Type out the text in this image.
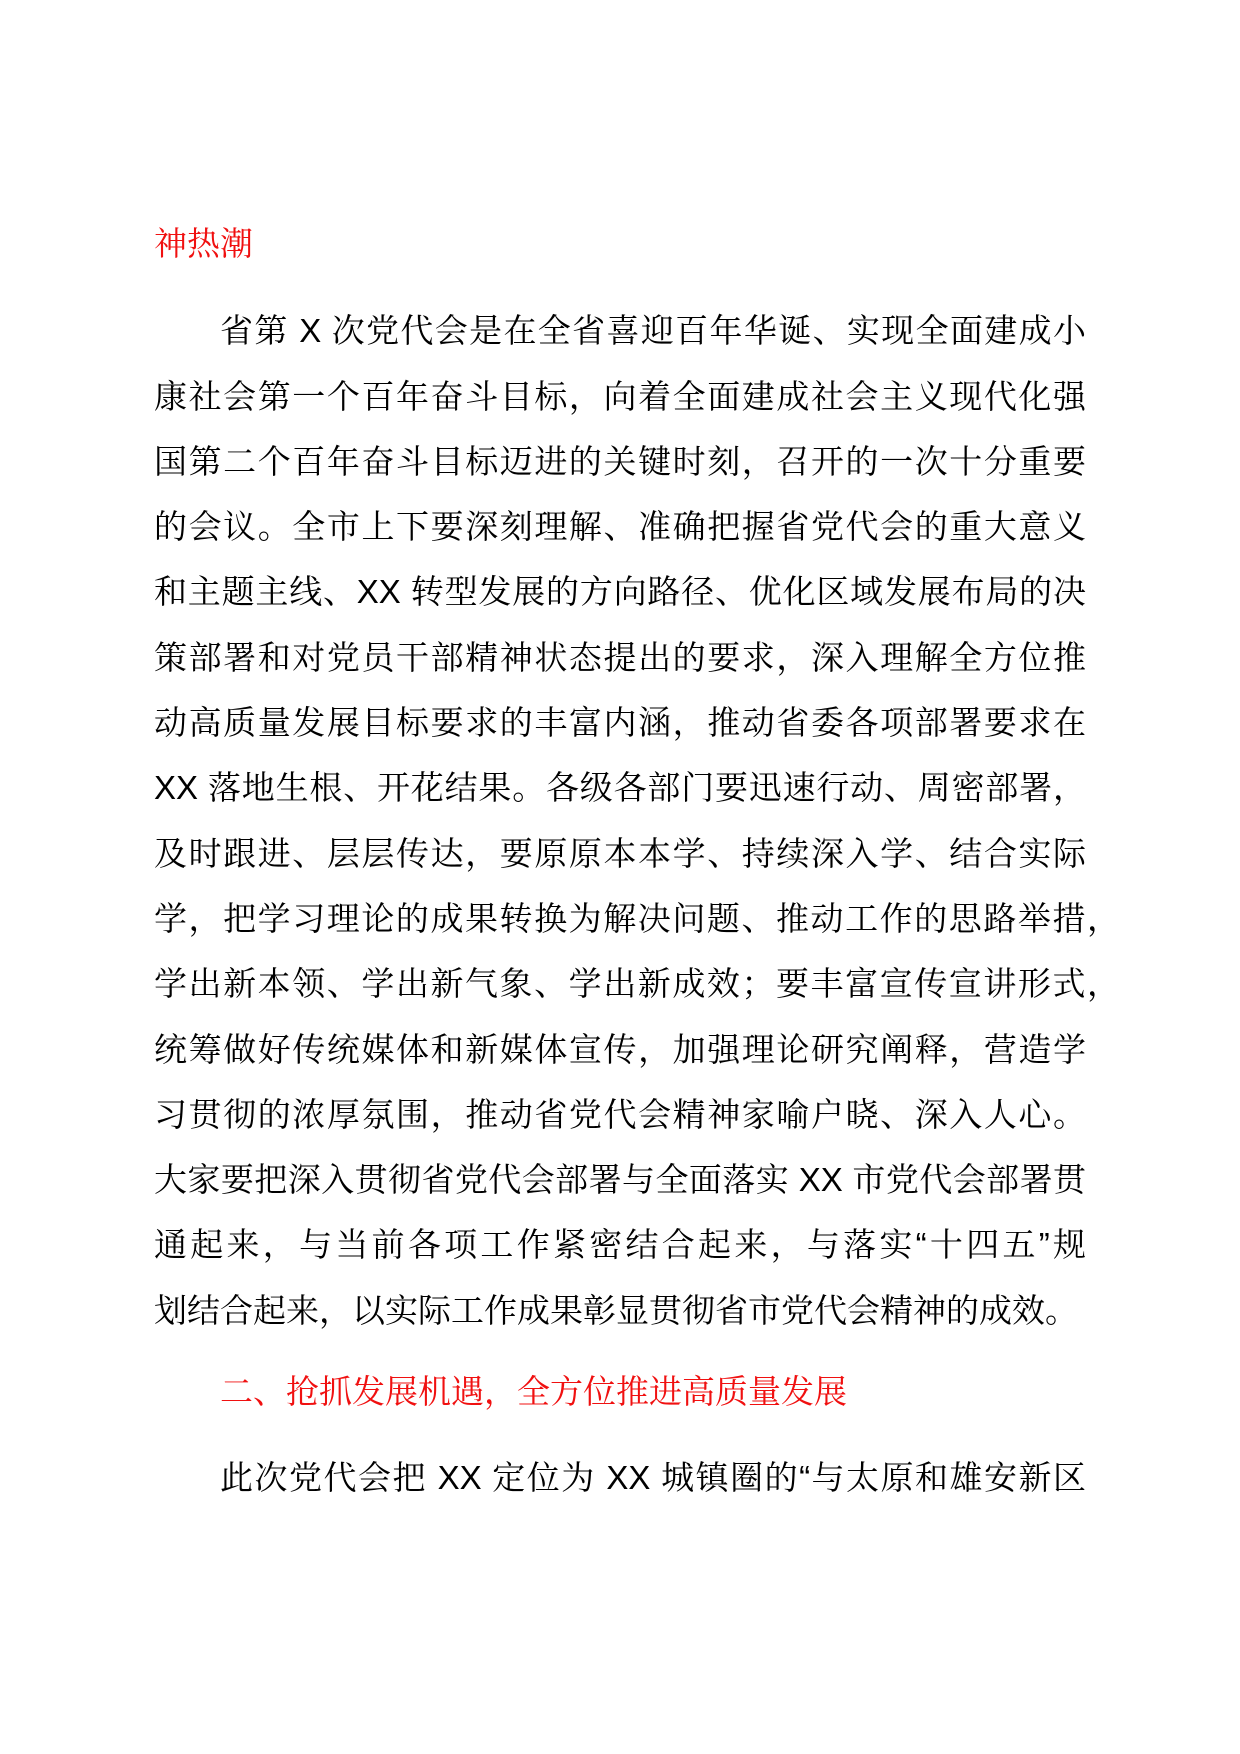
神热潮
省第 X 次党代会是在全省喜迎百年华诞、实现全面建成小
康社会第一个百年奋斗目标，向着全面建成社会主义现代化强
国第二个百年奋斗目标迈进的关键时刻，召开的一次十分重要
的会议。全市上下要深刻理解、准确把握省党代会的重大意义
和主题主线、XX 转型发展的方向路径、优化区域发展布局的决
策部署和对党员干部精神状态提出的要求，深入理解全方位推
动高质量发展目标要求的丰富内涵，推动省委各项部署要求在
XX 落地生根、开花结果。各级各部门要迅速行动、周密部署，
及时跟进、层层传达，要原原本本学、持续深入学、结合实际
学，把学习理论的成果转换为解决问题、推动工作的思路举措，
学出新本领、学出新气象、学出新成效；要丰富宣传宣讲形式，
统筹做好传统媒体和新媒体宣传，加强理论研究阐释，营造学
习贯彻的浓厚氛围，推动省党代会精神家喻户晓、深入人心。
大家要把深入贯彻省党代会部署与全面落实 XX 市党代会部署贯
通起来，与当前各项工作紧密结合起来，与落实“十四五”规
划结合起来，以实际工作成果彰显贯彻省市党代会精神的成效。
二、抢抓发展机遇，全方位推进高质量发展
此次党代会把 XX 定位为 XX 城镇圈的“与太原和雄安新区
